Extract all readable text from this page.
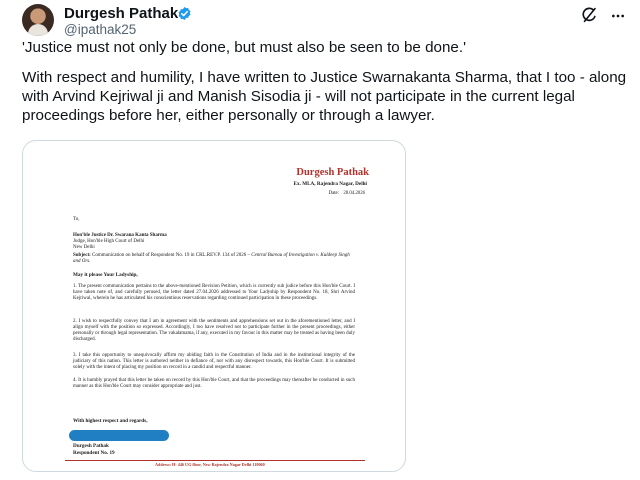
Durgesh Pathak
@ipathak25

'Justice must not only be done, but must also be seen to be done.'

With respect and humility, I have written to Justice Swarnakanta Sharma, that I too - along with Arvind Kejriwal ji and Manish Sisodia ji - will not participate in the current legal proceedings before her, either personally or through a lawyer.

Durgesh Pathak
Ex. MLA, Rajendra Nagar, Delhi
Date: 28.04.2026
To,
Hon'ble Justice Dr. Swarana Kanta Sharma
Judge, Hon'ble High Court of Delhi
New Delhi
Subject: Communication on behalf of Respondent No. 19 in CRL.REV.P. 134 of 2026 – Central Bureau of Investigation v. Kuldeep Singh and Ors.
May it please Your Ladyship,
1. The present communication pertains to the above-mentioned Revision Petition, which is currently sub judice before this Hon'ble Court. I have taken note of, and carefully perused, the letter dated 27.04.2026 addressed to Your Ladyship by Respondent No. 18, Shri Arvind Kejriwal, wherein he has articulated his conscientious reservations regarding continued participation in these proceedings.
2. I wish to respectfully convey that I am in agreement with the sentiments and apprehensions set out in the aforementioned letter, and I align myself with the position so expressed. Accordingly, I too have resolved not to participate further in the present proceedings, either personally or through legal representation. The vakalatnama, if any, executed in my favour in this matter may be treated as having been duly discharged.
3. I take this opportunity to unequivocally affirm my abiding faith in the Constitution of India and in the institutional integrity of the judiciary of this nation. This letter is authored neither in defiance of, nor with any disrespect towards, this Hon'ble Court. It is submitted solely with the intent of placing my position on record in a candid and respectful manner.
4. It is humbly prayed that this letter be taken on record by this Hon'ble Court, and that the proceedings may thereafter be conducted in such manner as this Hon'ble Court may consider appropriate and just.
With highest respect and regards,
Durgesh Pathak
Respondent No. 19
Address: H- 446 UG floor, New Rajendra Nagar Delhi 110060
